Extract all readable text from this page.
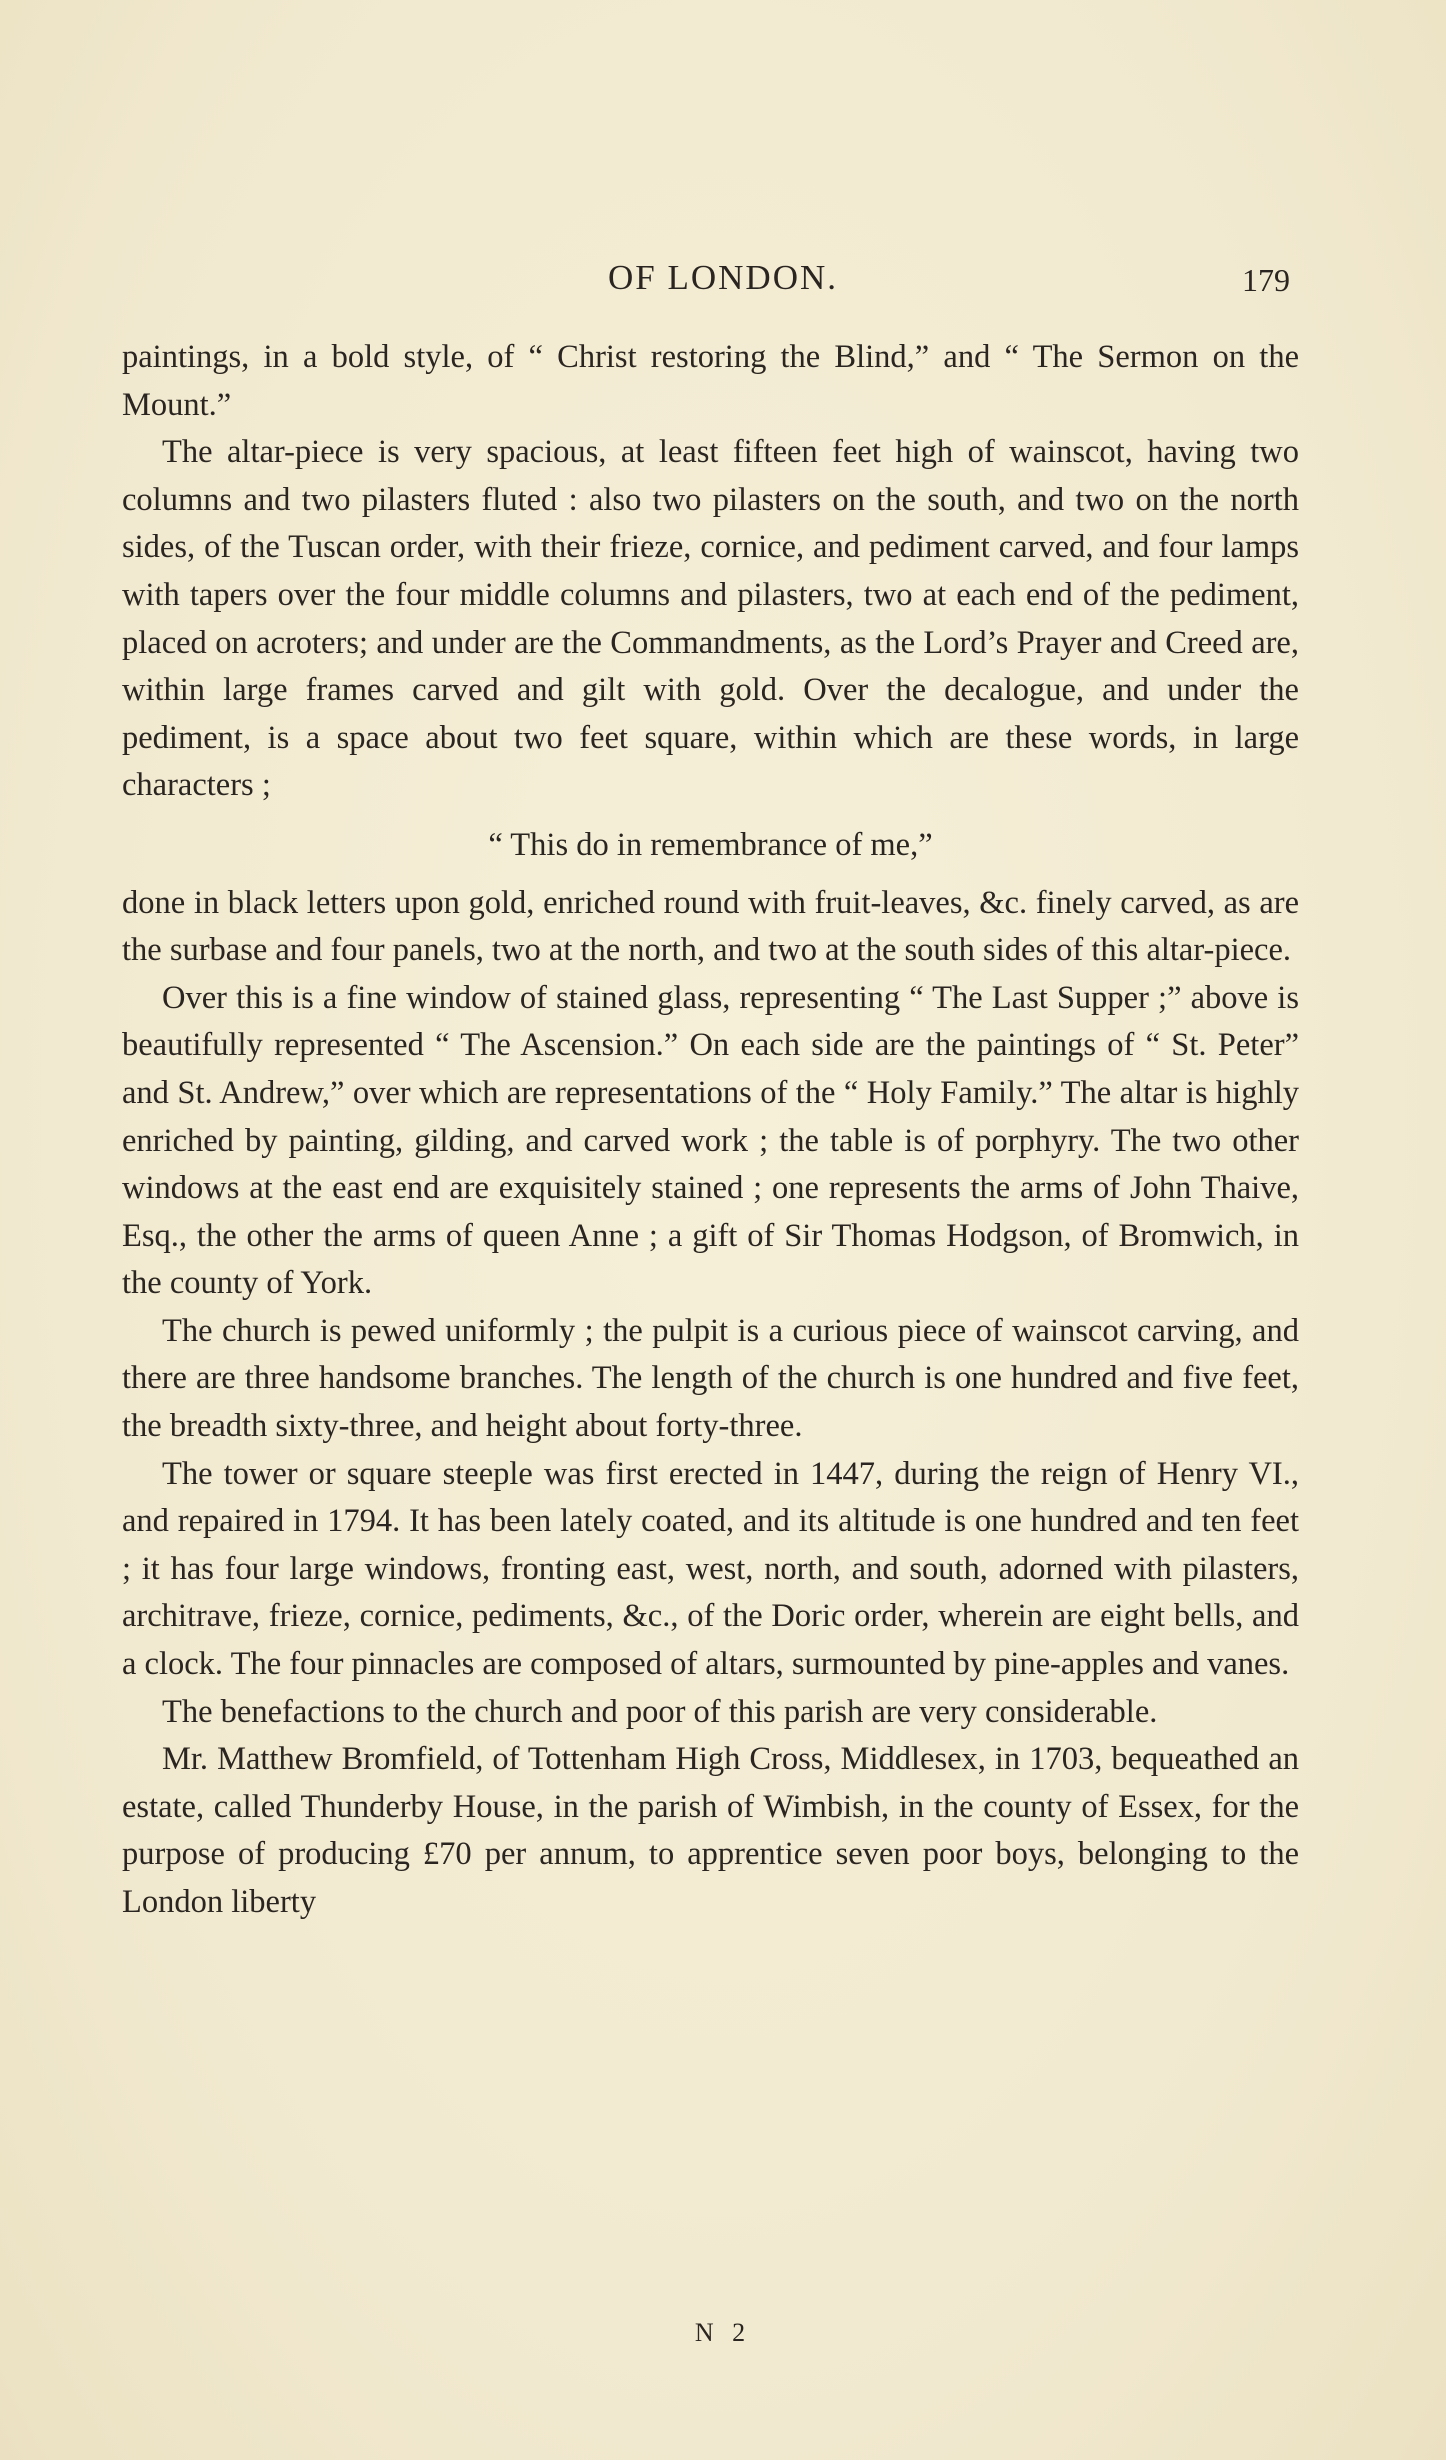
OF LONDON.	179

paintings, in a bold style, of “ Christ restoring the Blind,” and “ The Sermon on the Mount.”

The altar-piece is very spacious, at least fifteen feet high of wainscot, having two columns and two pilasters fluted : also two pilasters on the south, and two on the north sides, of the Tuscan order, with their frieze, cornice, and pediment carved, and four lamps with tapers over the four middle columns and pilasters, two at each end of the pediment, placed on acroters; and under are the Commandments, as the Lord’s Prayer and Creed are, within large frames carved and gilt with gold. Over the decalogue, and under the pediment, is a space about two feet square, within which are these words, in large characters ;

“ This do in remembrance of me,”

done in black letters upon gold, enriched round with fruit-leaves, &c. finely carved, as are the surbase and four panels, two at the north, and two at the south sides of this altar-piece.

Over this is a fine window of stained glass, representing “ The Last Supper ;” above is beautifully represented “ The Ascension.” On each side are the paintings of “ St. Peter” and St. Andrew,” over which are representations of the “ Holy Family.” The altar is highly enriched by painting, gilding, and carved work ; the table is of porphyry. The two other windows at the east end are exquisitely stained ; one represents the arms of John Thaive, Esq., the other the arms of queen Anne ; a gift of Sir Thomas Hodgson, of Bromwich, in the county of York.

The church is pewed uniformly ; the pulpit is a curious piece of wainscot carving, and there are three handsome branches. The length of the church is one hundred and five feet, the breadth sixty-three, and height about forty-three.

The tower or square steeple was first erected in 1447, during the reign of Henry VI., and repaired in 1794. It has been lately coated, and its altitude is one hundred and ten feet ; it has four large windows, fronting east, west, north, and south, adorned with pilasters, architrave, frieze, cornice, pediments, &c., of the Doric order, wherein are eight bells, and a clock. The four pinnacles are composed of altars, surmounted by pine-apples and vanes.

The benefactions to the church and poor of this parish are very considerable.

Mr. Matthew Bromfield, of Tottenham High Cross, Middlesex, in 1703, bequeathed an estate, called Thunderby House, in the parish of Wimbish, in the county of Essex, for the purpose of producing £70 per annum, to apprentice seven poor boys, belonging to the London liberty

N 2
